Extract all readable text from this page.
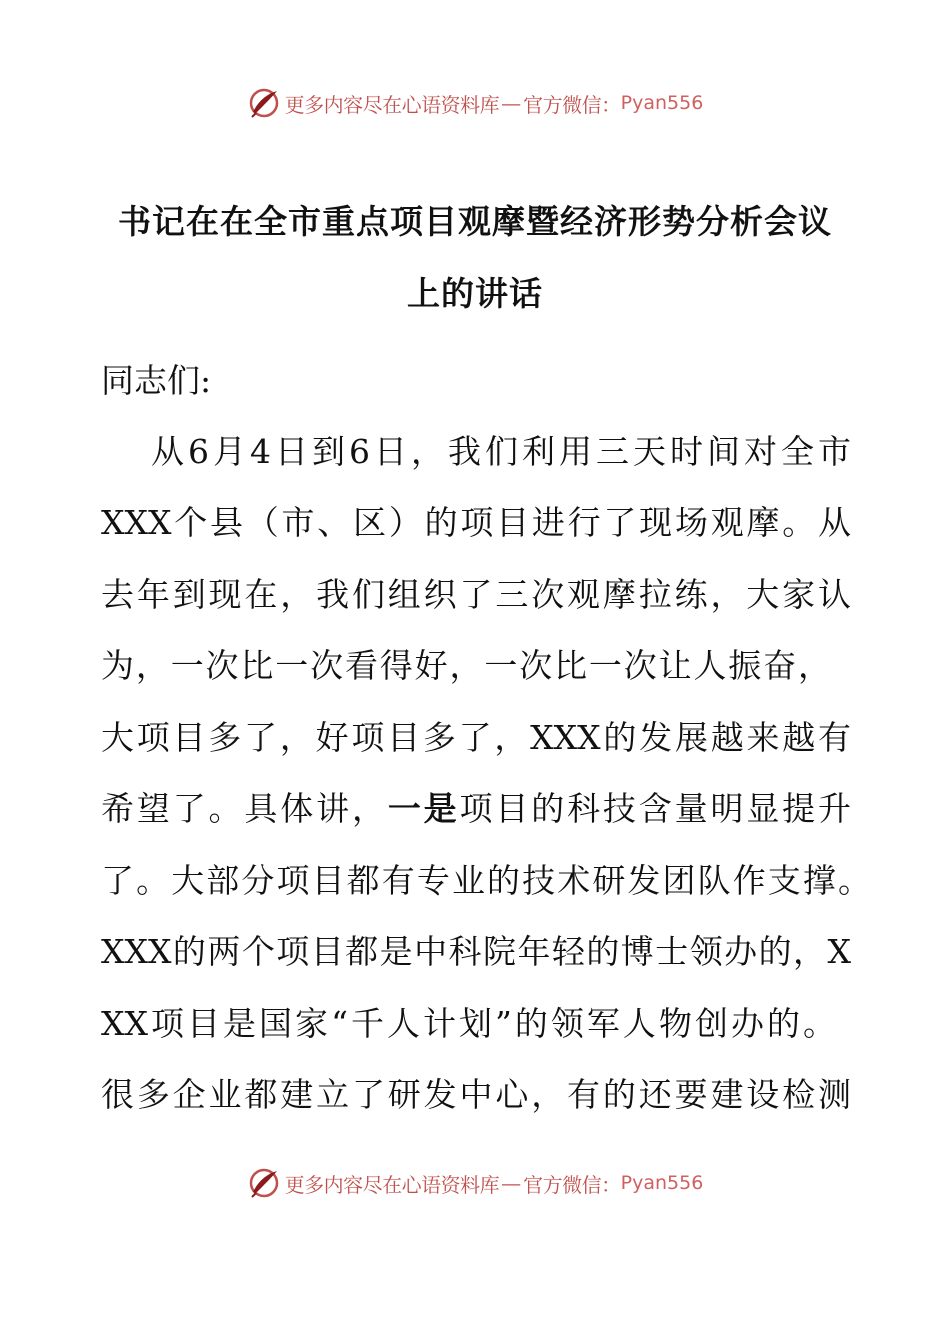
更多内容尽在心语资料库 — 官方微信： Pyan556
书记在在全市重点项目观摩暨经济形势分析会议
上的讲话

同志们:

从6月4日到6日，我们利用三天时间对全市

XXX个县（市、区）的项目进行了现场观摩。从

去年到现在，我们组织了三次观摩拉练，大家认

为，一次比一次看得好，一次比一次让人振奋，

大项目多了，好项目多了，XXX的发展越来越有

希望了。具体讲，一是项目的科技含量明显提升

了。大部分项目都有专业的技术研发团队作支撑。

XXX的两个项目都是中科院年轻的博士领办的，X

XX项目是国家“千人计划”的领军人物创办的。

很多企业都建立了研发中心，有的还要建设检测

更多内容尽在心语资料库 — 官方微信： Pyan556
